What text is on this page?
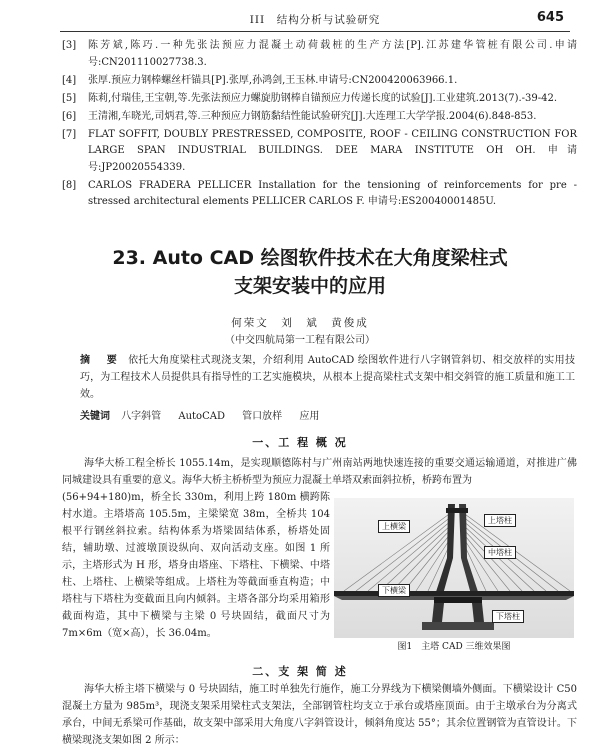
III　结构分析与试验研究	645
[3] 陈芳斌,陈巧.一种先张法预应力混凝土动荷载桩的生产方法[P].江苏建华管桩有限公司.申请号:CN201110027738.3.
[4] 张厚.预应力钢棒螺丝杆锚具[P].张厚,孙鸿剑,王玉林.申请号:CN200420063966.1.
[5] 陈莉,付瑞佳,王宝朝,等.先张法预应力螺旋肋钢棒自锚预应力传递长度的试验[J].工业建筑.2013(7).-39-42.
[6] 王清湘,车晓光,司炳君,等.三种预应力钢筋黏结性能试验研究[J].大连理工大学学报.2004(6).848-853.
[7] FLAT SOFFIT, DOUBLY PRESTRESSED, COMPOSITE, ROOF - CEILING CONSTRUCTION FOR LARGE SPAN INDUSTRIAL BUILDINGS. DEE MARA INSTITUTE OH OH. 申请号:JP20020554339.
[8] CARLOS FRADERA PELLICER Installation for the tensioning of reinforcements for pre - stressed architectural elements PELLICER CARLOS F. 申请号:ES20040001485U.
23. Auto CAD 绘图软件技术在大角度梁柱式
支架安装中的应用
何荣文　刘　斌　黄俊成
（中交四航局第一工程有限公司）
摘　要 依托大角度梁柱式现浇支架，介绍利用 AutoCAD 绘图软件进行八字钢管斜切、相交放样的实用技巧，为工程技术人员提供具有指导性的工艺实施模块，从根本上提高梁柱式支架中相交斜管的施工质量和施工工效。
关键词 八字斜管 AutoCAD 管口放样 应用
一、工 程 概 况
海华大桥工程全桥长 1055.14m，是实现顺德陈村与广州南站两地快速连接的重要交通运输通道，对推进广佛同城建设具有重要的意义。海华大桥主桥桥型为预应力混凝土单塔双索面斜拉桥，桥跨布置为
(56+94+180)m，桥全长 330m，利用上跨 180m 横跨陈村水道。主塔塔高 105.5m，主梁梁宽 38m，全桥共 104 根平行钢丝斜拉索。结构体系为塔梁固结体系，桥塔处固结，辅助墩、过渡墩顶设纵向、双向活动支座。如图 1 所示，主塔形式为 H 形，塔身由塔座、下塔柱、下横梁、中塔柱、上塔柱、上横梁等组成。上塔柱为等截面垂直构造；中塔柱与下塔柱为变截面且向内倾斜。主塔各部分均采用箱形截面构造，其中下横梁与主梁 0 号块固结，截面尺寸为 7m×6m（宽×高），长 36.04m。
上横梁
上塔柱
中塔柱
下横梁
下塔柱
图1　主塔 CAD 三维效果图
二、支 架 简 述
海华大桥主塔下横梁与 0 号块固结，施工时单独先行施作，施工分界线为下横梁侧墙外侧面。下横梁设计 C50 混凝土方量为 985m³，现浇支架采用梁柱式支架法，全部钢管柱均支立于承台或塔座顶面。由于主墩承台为分离式承台，中间无系梁可作基础，故支架中部采用大角度八字斜管设计，倾斜角度达 55°；其余位置钢管为直管设计。下横梁现浇支架如图 2 所示：
